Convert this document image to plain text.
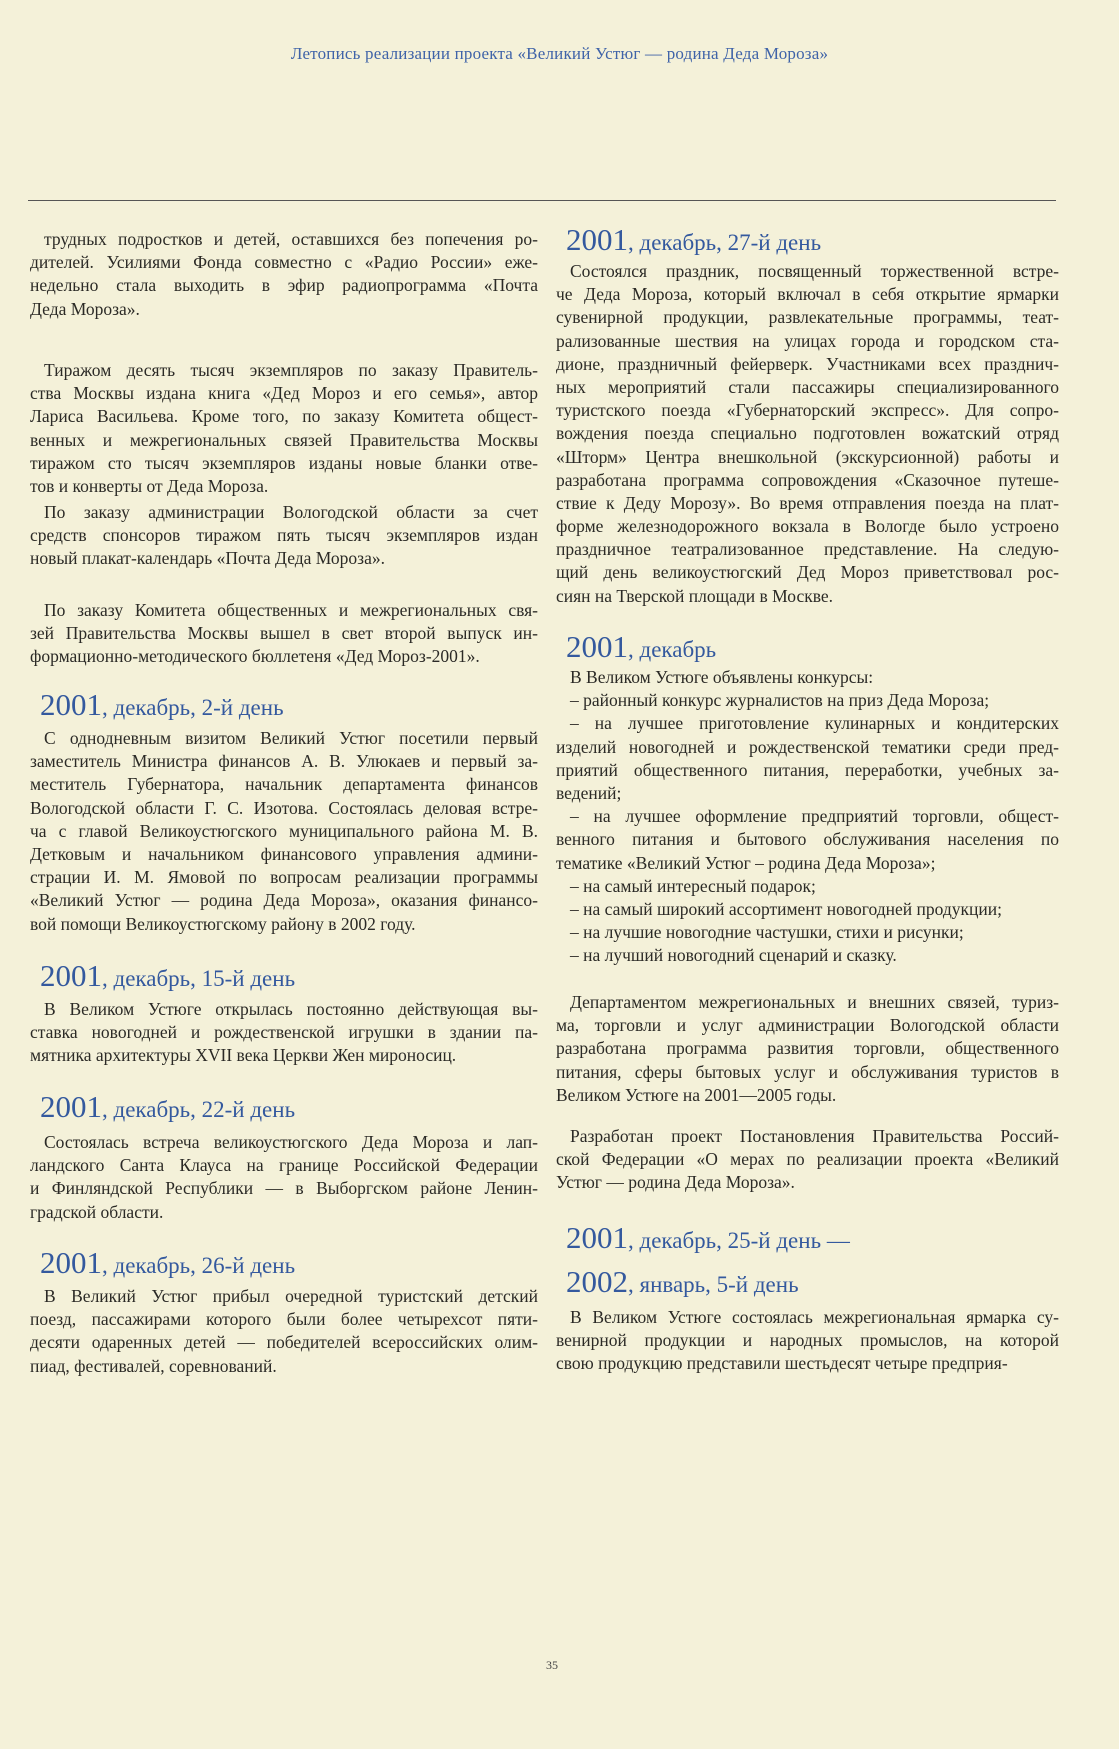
Летопись реализации проекта «Великий Устюг — родина Деда Мороза»
трудных подростков и детей, оставшихся без попечения ро-
дителей. Усилиями Фонда совместно с «Радио России» еже-
недельно стала выходить в эфир радиопрограмма «Почта
Деда Мороза».
Тиражом десять тысяч экземпляров по заказу Правитель-
ства Москвы издана книга «Дед Мороз и его семья», автор
Лариса Васильева. Кроме того, по заказу Комитета общест-
венных и межрегиональных связей Правительства Москвы
тиражом сто тысяч экземпляров изданы новые бланки отве-
тов и конверты от Деда Мороза.
По заказу администрации Вологодской области за счет
средств спонсоров тиражом пять тысяч экземпляров издан
новый плакат-календарь «Почта Деда Мороза».
По заказу Комитета общественных и межрегиональных свя-
зей Правительства Москвы вышел в свет второй выпуск ин-
формационно-методического бюллетеня «Дед Мороз-2001».
2001, декабрь, 2-й день
С однодневным визитом Великий Устюг посетили первый
заместитель Министра финансов А. В. Улюкаев и первый за-
меститель Губернатора, начальник департамента финансов
Вологодской области Г. С. Изотова. Состоялась деловая встре-
ча с главой Великоустюгского муниципального района М. В.
Детковым и начальником финансового управления админи-
страции И. М. Ямовой по вопросам реализации программы
«Великий Устюг — родина Деда Мороза», оказания финансо-
вой помощи Великоустюгскому району в 2002 году.
2001, декабрь, 15-й день
В Великом Устюге открылась постоянно действующая вы-
ставка новогодней и рождественской игрушки в здании па-
мятника архитектуры XVII века Церкви Жен мироносиц.
2001, декабрь, 22-й день
Состоялась встреча великоустюгского Деда Мороза и лап-
ландского Санта Клауса на границе Российской Федерации
и Финляндской Республики — в Выборгском районе Ленин-
градской области.
2001, декабрь, 26-й день
В Великий Устюг прибыл очередной туристский детский
поезд, пассажирами которого были более четырехсот пяти-
десяти одаренных детей — победителей всероссийских олим-
пиад, фестивалей, соревнований.
2001, декабрь, 27-й день
Состоялся праздник, посвященный торжественной встре-
че Деда Мороза, который включал в себя открытие ярмарки
сувенирной продукции, развлекательные программы, теат-
рализованные шествия на улицах города и городском ста-
дионе, праздничный фейерверк. Участниками всех празднич-
ных мероприятий стали пассажиры специализированного
туристского поезда «Губернаторский экспресс». Для сопро-
вождения поезда специально подготовлен вожатский отряд
«Шторм» Центра внешкольной (экскурсионной) работы и
разработана программа сопровождения «Сказочное путеше-
ствие к Деду Морозу». Во время отправления поезда на плат-
форме железнодорожного вокзала в Вологде было устроено
праздничное театрализованное представление. На следую-
щий день великоустюгский Дед Мороз приветствовал рос-
сиян на Тверской площади в Москве.
2001, декабрь
В Великом Устюге объявлены конкурсы:
– районный конкурс журналистов на приз Деда Мороза;
– на лучшее приготовление кулинарных и кондитерских
изделий новогодней и рождественской тематики среди пред-
приятий общественного питания, переработки, учебных за-
ведений;
– на лучшее оформление предприятий торговли, общест-
венного питания и бытового обслуживания населения по
тематике «Великий Устюг – родина Деда Мороза»;
– на самый интересный подарок;
– на самый широкий ассортимент новогодней продукции;
– на лучшие новогодние частушки, стихи и рисунки;
– на лучший новогодний сценарий и сказку.
Департаментом межрегиональных и внешних связей, туриз-
ма, торговли и услуг администрации Вологодской области
разработана программа развития торговли, общественного
питания, сферы бытовых услуг и обслуживания туристов в
Великом Устюге на 2001—2005 годы.
Разработан проект Постановления Правительства Россий-
ской Федерации «О мерах по реализации проекта «Великий
Устюг — родина Деда Мороза».
2001, декабрь, 25-й день —
2002, январь, 5-й день
В Великом Устюге состоялась межрегиональная ярмарка су-
венирной продукции и народных промыслов, на которой
свою продукцию представили шестьдесят четыре предприя-
35
